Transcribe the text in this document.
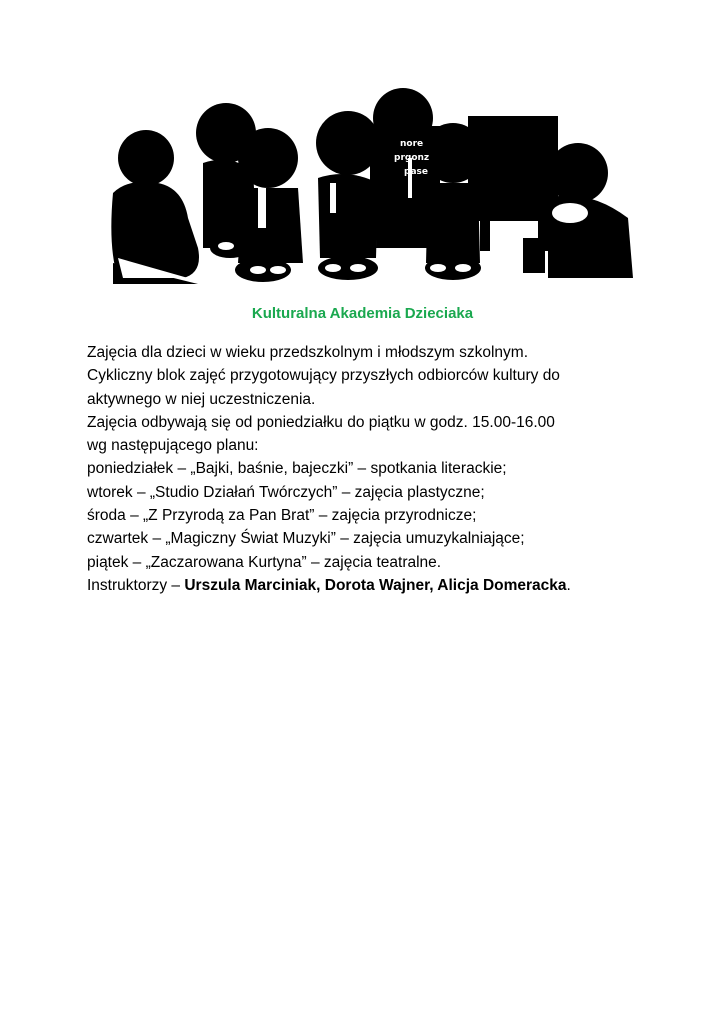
nore
prgonz
pase
Kulturalna Akademia Dzieciaka
Zajęcia dla dzieci w wieku przedszkolnym i młodszym szkolnym.
Cykliczny blok zajęć przygotowujący przyszłych odbiorców kultury do
aktywnego w niej uczestniczenia.
Zajęcia odbywają się od poniedziałku do piątku w godz. 15.00-16.00
wg następującego planu:
poniedziałek – „Bajki, baśnie, bajeczki” – spotkania literackie;
wtorek – „Studio Działań Twórczych” – zajęcia plastyczne;
środa – „Z Przyrodą za Pan Brat” – zajęcia przyrodnicze;
czwartek – „Magiczny Świat Muzyki” – zajęcia umuzykalniające;
piątek – „Zaczarowana Kurtyna” – zajęcia teatralne.
Instruktorzy – Urszula Marciniak, Dorota Wajner, Alicja Domeracka.
